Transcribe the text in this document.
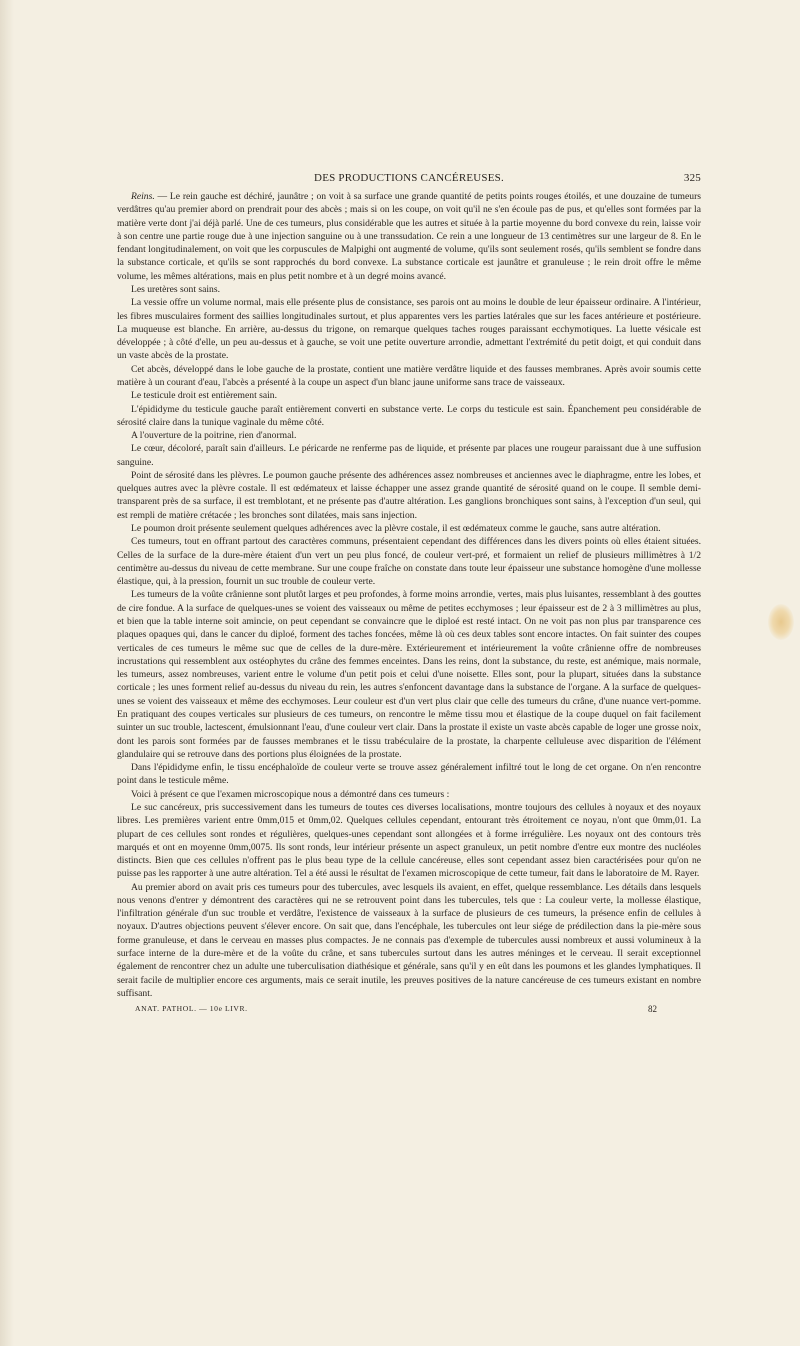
DES PRODUCTIONS CANCÉREUSES.	325

Reins. — Le rein gauche est déchiré, jaunâtre ; on voit à sa surface une grande quantité de petits points rouges étoilés, et une douzaine de tumeurs verdâtres qu'au premier abord on prendrait pour des abcès ; mais si on les coupe, on voit qu'il ne s'en écoule pas de pus, et qu'elles sont formées par la matière verte dont j'ai déjà parlé. Une de ces tumeurs, plus considérable que les autres et située à la partie moyenne du bord convexe du rein, laisse voir à son centre une partie rouge due à une injection sanguine ou à une transsudation. Ce rein a une longueur de 13 centimètres sur une largeur de 8. En le fendant longitudinalement, on voit que les corpuscules de Malpighi ont augmenté de volume, qu'ils sont seulement rosés, qu'ils semblent se fondre dans la substance corticale, et qu'ils se sont rapprochés du bord convexe. La substance corticale est jaunâtre et granuleuse ; le rein droit offre le même volume, les mêmes altérations, mais en plus petit nombre et à un degré moins avancé.

Les uretères sont sains.

La vessie offre un volume normal, mais elle présente plus de consistance, ses parois ont au moins le double de leur épaisseur ordinaire. A l'intérieur, les fibres musculaires forment des saillies longitudinales surtout, et plus apparentes vers les parties latérales que sur les faces antérieure et postérieure. La muqueuse est blanche. En arrière, au-dessus du trigone, on remarque quelques taches rouges paraissant ecchymotiques. La luette vésicale est développée ; à côté d'elle, un peu au-dessus et à gauche, se voit une petite ouverture arrondie, admettant l'extrémité du petit doigt, et qui conduit dans un vaste abcès de la prostate.

Cet abcès, développé dans le lobe gauche de la prostate, contient une matière verdâtre liquide et des fausses membranes. Après avoir soumis cette matière à un courant d'eau, l'abcès a présenté à la coupe un aspect d'un blanc jaune uniforme sans trace de vaisseaux.

Le testicule droit est entièrement sain.

L'épididyme du testicule gauche paraît entièrement converti en substance verte. Le corps du testicule est sain. Épanchement peu considérable de sérosité claire dans la tunique vaginale du même côté.

A l'ouverture de la poitrine, rien d'anormal.

Le cœur, décoloré, paraît sain d'ailleurs. Le péricarde ne renferme pas de liquide, et présente par places une rougeur paraissant due à une suffusion sanguine.

Point de sérosité dans les plèvres. Le poumon gauche présente des adhérences assez nombreuses et anciennes avec le diaphragme, entre les lobes, et quelques autres avec la plèvre costale. Il est œdémateux et laisse échapper une assez grande quantité de sérosité quand on le coupe. Il semble demi-transparent près de sa surface, il est tremblotant, et ne présente pas d'autre altération. Les ganglions bronchiques sont sains, à l'exception d'un seul, qui est rempli de matière crétacée ; les bronches sont dilatées, mais sans injection.

Le poumon droit présente seulement quelques adhérences avec la plèvre costale, il est œdémateux comme le gauche, sans autre altération.

Ces tumeurs, tout en offrant partout des caractères communs, présentaient cependant des différences dans les divers points où elles étaient situées. Celles de la surface de la dure-mère étaient d'un vert un peu plus foncé, de couleur vert-pré, et formaient un relief de plusieurs millimètres à 1/2 centimètre au-dessus du niveau de cette membrane. Sur une coupe fraîche on constate dans toute leur épaisseur une substance homogène d'une mollesse élastique, qui, à la pression, fournit un suc trouble de couleur verte.

Les tumeurs de la voûte crânienne sont plutôt larges et peu profondes, à forme moins arrondie, vertes, mais plus luisantes, ressemblant à des gouttes de cire fondue. A la surface de quelques-unes se voient des vaisseaux ou même de petites ecchymoses ; leur épaisseur est de 2 à 3 millimètres au plus, et bien que la table interne soit amincie, on peut cependant se convaincre que le diploé est resté intact. On ne voit pas non plus par transparence ces plaques opaques qui, dans le cancer du diploé, forment des taches foncées, même là où ces deux tables sont encore intactes. On fait suinter des coupes verticales de ces tumeurs le même suc que de celles de la dure-mère. Extérieurement et intérieurement la voûte crânienne offre de nombreuses incrustations qui ressemblent aux ostéophytes du crâne des femmes enceintes. Dans les reins, dont la substance, du reste, est anémique, mais normale, les tumeurs, assez nombreuses, varient entre le volume d'un petit pois et celui d'une noisette. Elles sont, pour la plupart, situées dans la substance corticale ; les unes forment relief au-dessus du niveau du rein, les autres s'enfoncent davantage dans la substance de l'organe. A la surface de quelques-unes se voient des vaisseaux et même des ecchymoses. Leur couleur est d'un vert plus clair que celle des tumeurs du crâne, d'une nuance vert-pomme. En pratiquant des coupes verticales sur plusieurs de ces tumeurs, on rencontre le même tissu mou et élastique de la coupe duquel on fait facilement suinter un suc trouble, lactescent, émulsionnant l'eau, d'une couleur vert clair. Dans la prostate il existe un vaste abcès capable de loger une grosse noix, dont les parois sont formées par de fausses membranes et le tissu trabéculaire de la prostate, la charpente celluleuse avec disparition de l'élément glandulaire qui se retrouve dans des portions plus éloignées de la prostate.

Dans l'épididyme enfin, le tissu encéphaloïde de couleur verte se trouve assez généralement infiltré tout le long de cet organe. On n'en rencontre point dans le testicule même.

Voici à présent ce que l'examen microscopique nous a démontré dans ces tumeurs :

Le suc cancéreux, pris successivement dans les tumeurs de toutes ces diverses localisations, montre toujours des cellules à noyaux et des noyaux libres. Les premières varient entre 0mm,015 et 0mm,02. Quelques cellules cependant, entourant très étroitement ce noyau, n'ont que 0mm,01. La plupart de ces cellules sont rondes et régulières, quelques-unes cependant sont allongées et à forme irrégulière. Les noyaux ont des contours très marqués et ont en moyenne 0mm,0075. Ils sont ronds, leur intérieur présente un aspect granuleux, un petit nombre d'entre eux montre des nucléoles distincts. Bien que ces cellules n'offrent pas le plus beau type de la cellule cancéreuse, elles sont cependant assez bien caractérisées pour qu'on ne puisse pas les rapporter à une autre altération. Tel a été aussi le résultat de l'examen microscopique de cette tumeur, fait dans le laboratoire de M. Rayer.

Au premier abord on avait pris ces tumeurs pour des tubercules, avec lesquels ils avaient, en effet, quelque ressemblance. Les détails dans lesquels nous venons d'entrer y démontrent des caractères qui ne se retrouvent point dans les tubercules, tels que : La couleur verte, la mollesse élastique, l'infiltration générale d'un suc trouble et verdâtre, l'existence de vaisseaux à la surface de plusieurs de ces tumeurs, la présence enfin de cellules à noyaux. D'autres objections peuvent s'élever encore. On sait que, dans l'encéphale, les tubercules ont leur siége de prédilection dans la pie-mère sous forme granuleuse, et dans le cerveau en masses plus compactes. Je ne connais pas d'exemple de tubercules aussi nombreux et aussi volumineux à la surface interne de la dure-mère et de la voûte du crâne, et sans tubercules surtout dans les autres méninges et le cerveau. Il serait exceptionnel également de rencontrer chez un adulte une tuberculisation diathésique et générale, sans qu'il y en eût dans les poumons et les glandes lymphatiques. Il serait facile de multiplier encore ces arguments, mais ce serait inutile, les preuves positives de la nature cancéreuse de ces tumeurs existant en nombre suffisant.

ANAT. PATHOL. — 10e LIVR.	82
